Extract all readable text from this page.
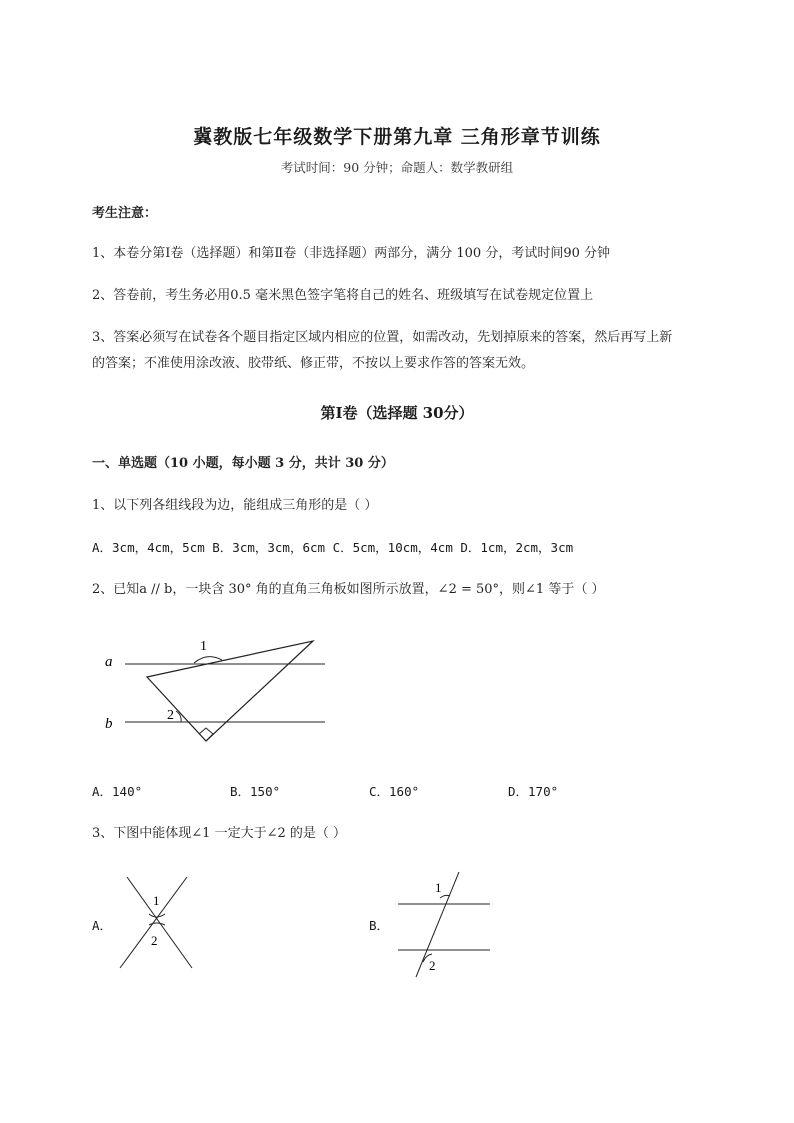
冀教版七年级数学下册第九章 三角形章节训练
考试时间：90 分钟；命题人：数学教研组
考生注意：
1、本卷分第Ⅰ卷（选择题）和第Ⅱ卷（非选择题）两部分，满分 100 分，考试时间90 分钟
2、答卷前，考生务必用0.5 毫米黑色签字笔将自己的姓名、班级填写在试卷规定位置上
3、答案必须写在试卷各个题目指定区域内相应的位置，如需改动，先划掉原来的答案，然后再写上新
的答案；不准使用涂改液、胶带纸、修正带，不按以上要求作答的答案无效。
第Ⅰ卷（选择题 30分）
一、单选题（10 小题，每小题 3 分，共计 30 分）
1、以下列各组线段为边，能组成三角形的是（ ）
A．3cm，4cm，5cm B．3cm，3cm，6cm C．5cm，10cm，4cm D．1cm，2cm，3cm
2、已知a // b，一块含 30° 角的直角三角板如图所示放置，∠2 = 50°，则∠1 等于（ ）
a
b
1
2
A．140°	B．150°	C．160°	D．170°
3、下图中能体现∠1 一定大于∠2 的是（ ）
A．
1
2
B．
1
2
